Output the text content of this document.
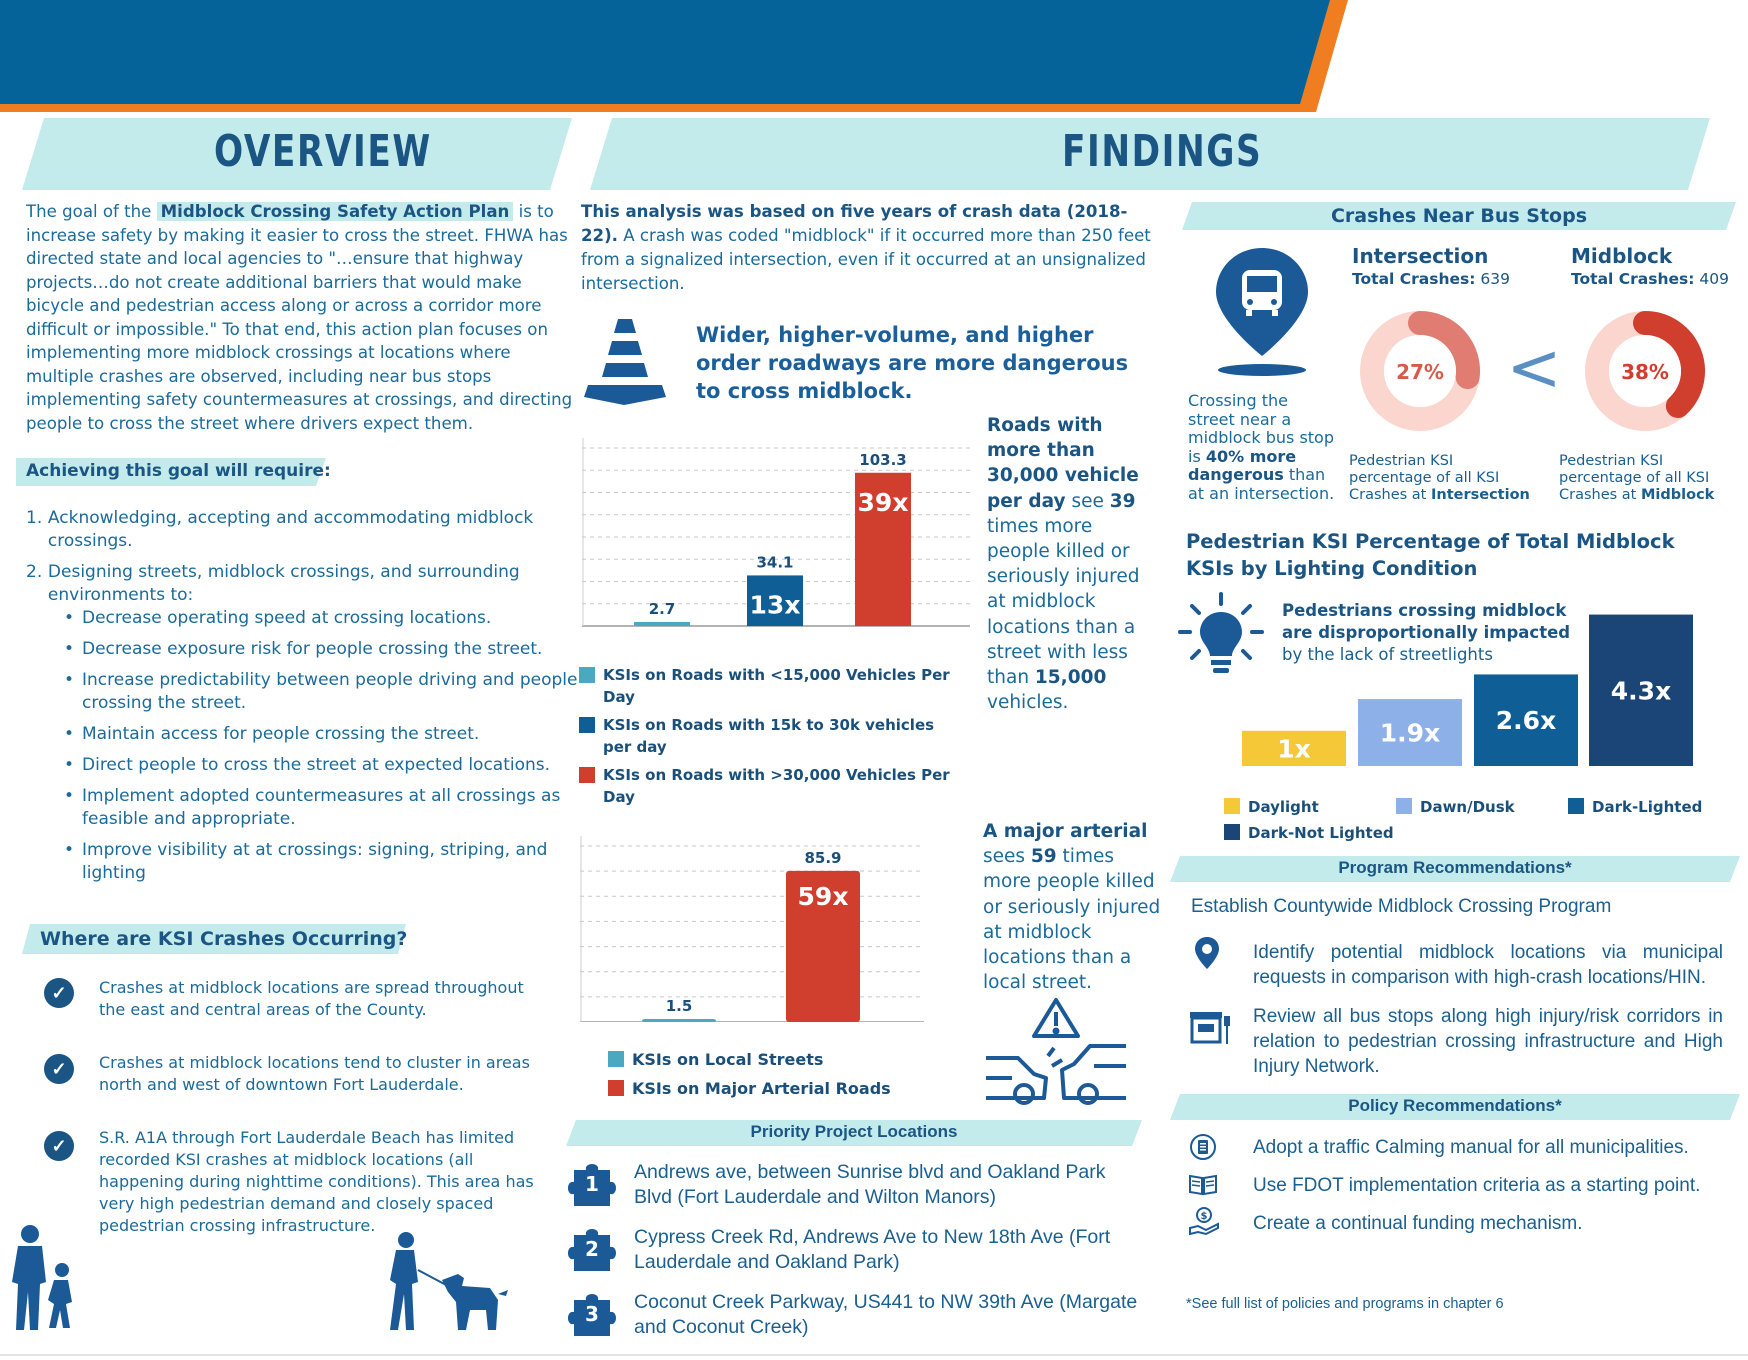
OVERVIEW	FINDINGS
The goal of the Midblock Crossing Safety Action Plan is to increase safety by making it easier to cross the street. FHWA has directed state and local agencies to "…ensure that highway projects…do not create additional barriers that would make bicycle and pedestrian access along or across a corridor more difficult or impossible." To that end, this action plan focuses on implementing more midblock crossings at locations where multiple crashes are observed, including near bus stops implementing safety countermeasures at crossings, and directing people to cross the street where drivers expect them.
Achieving this goal will require:
1. Acknowledging, accepting and accommodating midblock crossings.
2. Designing streets, midblock crossings, and surrounding environments to:
• Decrease operating speed at crossing locations.
• Decrease exposure risk for people crossing the street.
• Increase predictability between people driving and people crossing the street.
• Maintain access for people crossing the street.
• Direct people to cross the street at expected locations.
• Implement adopted countermeasures at all crossings as feasible and appropriate.
• Improve visibility at at crossings: signing, striping, and lighting
Where are KSI Crashes Occurring?
✓	Crashes at midblock locations are spread throughout the east and central areas of the County.
✓	Crashes at midblock locations tend to cluster in areas north and west of downtown Fort Lauderdale.
✓	S.R. A1A through Fort Lauderdale Beach has limited recorded KSI crashes at midblock locations (all happening during nighttime conditions). This area has very high pedestrian demand and closely spaced pedestrian crossing infrastructure.
This analysis was based on five years of crash data (2018-22). A crash was coded "midblock" if it occurred more than 250 feet from a signalized intersection, even if it occurred at an unsignalized intersection.
Wider, higher-volume, and higher order roadways are more dangerous to cross midblock.
2.7
34.1
13x
103.3
39x
KSIs on Roads with <15,000 Vehicles Per Day
KSIs on Roads with 15k to 30k vehicles per day
KSIs on Roads with >30,000 Vehicles Per Day
Roads with more than 30,000 vehicle per day see 39 times more people killed or seriously injured at midblock locations than a street with less than 15,000 vehicles.
1.5
85.9
59x
KSIs on Local Streets
KSIs on Major Arterial Roads
A major arterial sees 59 times more people killed or seriously injured at midblock locations than a local street.
Priority Project Locations
1	Andrews ave, between Sunrise blvd and Oakland Park Blvd (Fort Lauderdale and Wilton Manors)
2	Cypress Creek Rd, Andrews Ave to New 18th Ave (Fort Lauderdale and Oakland Park)
3	Coconut Creek Parkway, US441 to NW 39th Ave (Margate and Coconut Creek)
Crashes Near Bus Stops
Crossing the street near a midblock bus stop is 40% more dangerous than at an intersection.
Intersection
Total Crashes: 639
Midblock
Total Crashes: 409
27%	38%
<
Pedestrian KSI percentage of all KSI Crashes at Intersection
Pedestrian KSI percentage of all KSI Crashes at Midblock
Pedestrian KSI Percentage of Total Midblock KSIs by Lighting Condition
Pedestrians crossing midblock are disproportionally impacted by the lack of streetlights
1x
1.9x 2.6x
4.3x
Daylight	Dawn/Dusk	Dark-Lighted
Dark-Not Lighted
Program Recommendations*
Establish Countywide Midblock Crossing Program
Identify potential midblock locations via municipal requests in comparison with high-crash locations/HIN.
Review all bus stops along high injury/risk corridors in relation to pedestrian crossing infrastructure and High Injury Network.
Policy Recommendations*
Adopt a traffic Calming manual for all municipalities.
Use FDOT implementation criteria as a starting point.
$ Create a continual funding mechanism.
*See full list of policies and programs in chapter 6
